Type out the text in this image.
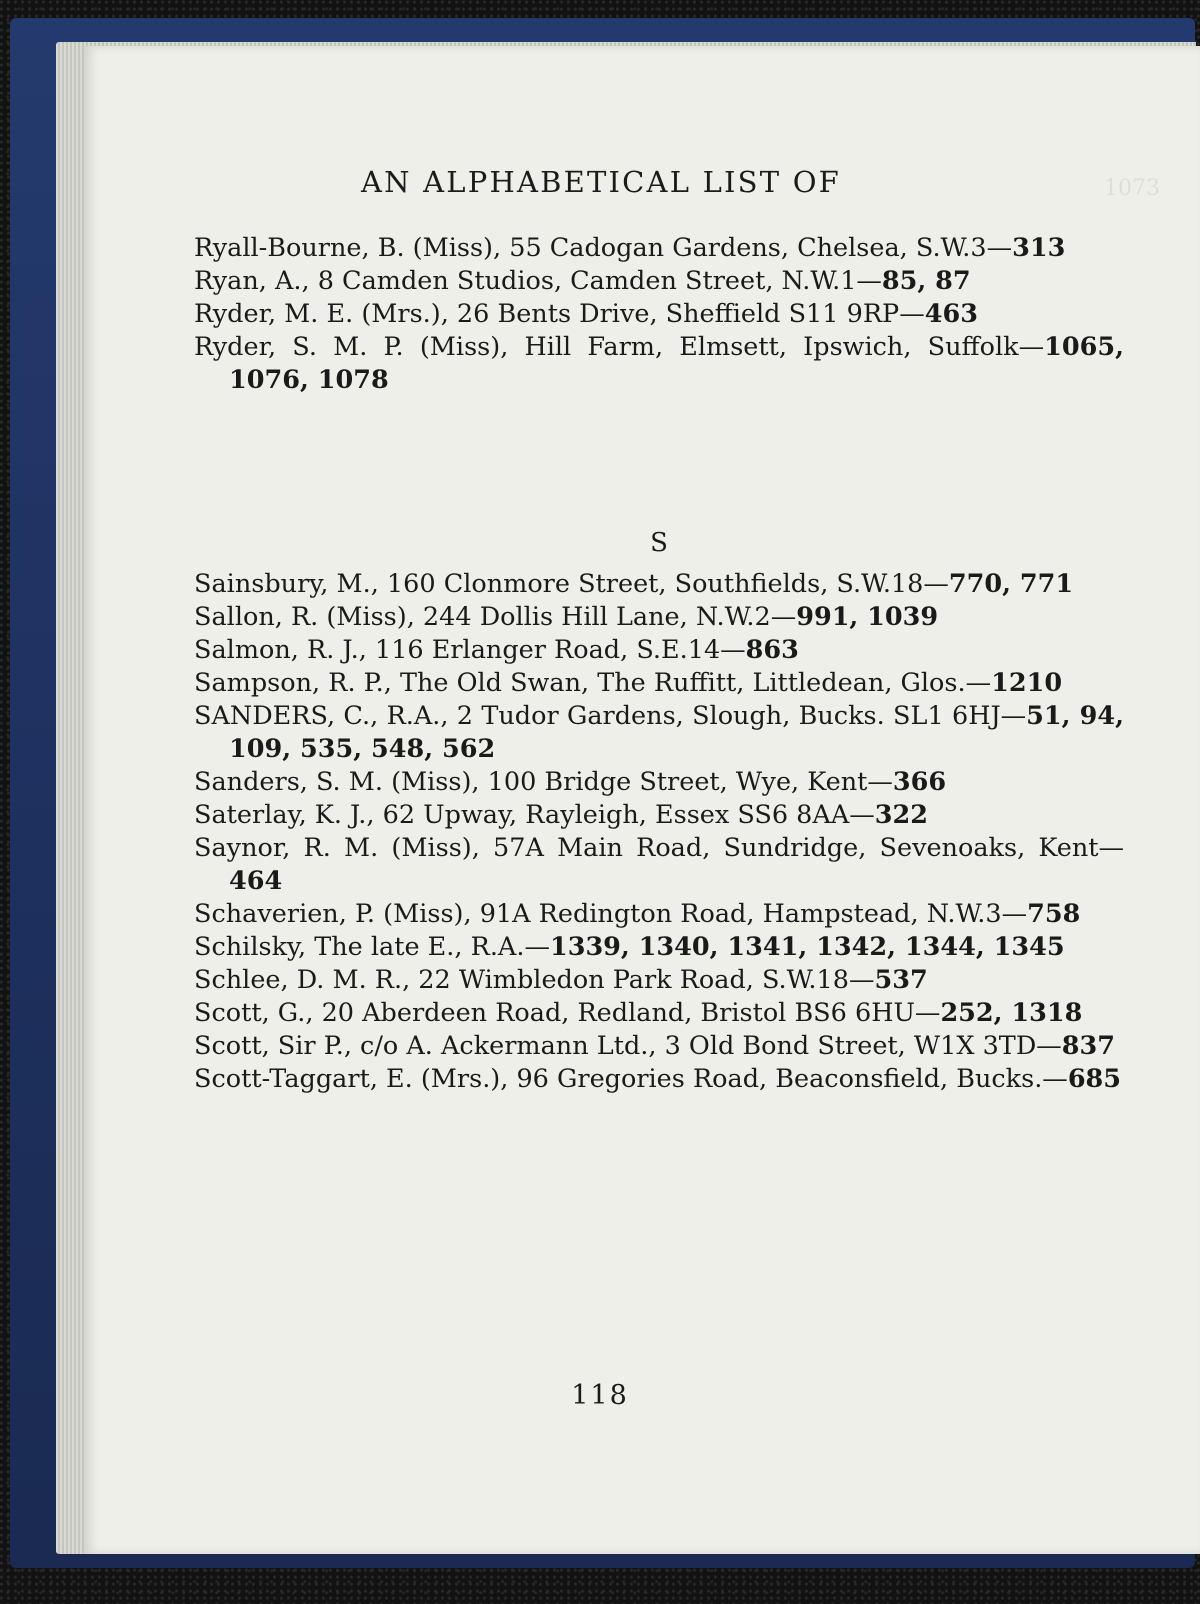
1073
AN ALPHABETICAL LIST OF
Ryall-Bourne, B. (Miss), 55 Cadogan Gardens, Chelsea, S.W.3—313
Ryan, A., 8 Camden Studios, Camden Street, N.W.1—85, 87
Ryder, M. E. (Mrs.), 26 Bents Drive, Sheffield S11 9RP—463
Ryder, S. M. P. (Miss), Hill Farm, Elmsett, Ipswich, Suffolk—1065, 1076, 1078
S
Sainsbury, M., 160 Clonmore Street, Southfields, S.W.18—770, 771
Sallon, R. (Miss), 244 Dollis Hill Lane, N.W.2—991, 1039
Salmon, R. J., 116 Erlanger Road, S.E.14—863
Sampson, R. P., The Old Swan, The Ruffitt, Littledean, Glos.—1210
SANDERS, C., R.A., 2 Tudor Gardens, Slough, Bucks. SL1 6HJ—51, 94, 109, 535, 548, 562
Sanders, S. M. (Miss), 100 Bridge Street, Wye, Kent—366
Saterlay, K. J., 62 Upway, Rayleigh, Essex SS6 8AA—322
Saynor, R. M. (Miss), 57A Main Road, Sundridge, Sevenoaks, Kent—464
Schaverien, P. (Miss), 91A Redington Road, Hampstead, N.W.3—758
Schilsky, The late E., R.A.—1339, 1340, 1341, 1342, 1344, 1345
Schlee, D. M. R., 22 Wimbledon Park Road, S.W.18—537
Scott, G., 20 Aberdeen Road, Redland, Bristol BS6 6HU—252, 1318
Scott, Sir P., c/o A. Ackermann Ltd., 3 Old Bond Street, W1X 3TD—837
Scott-Taggart, E. (Mrs.), 96 Gregories Road, Beaconsfield, Bucks.—685
118
